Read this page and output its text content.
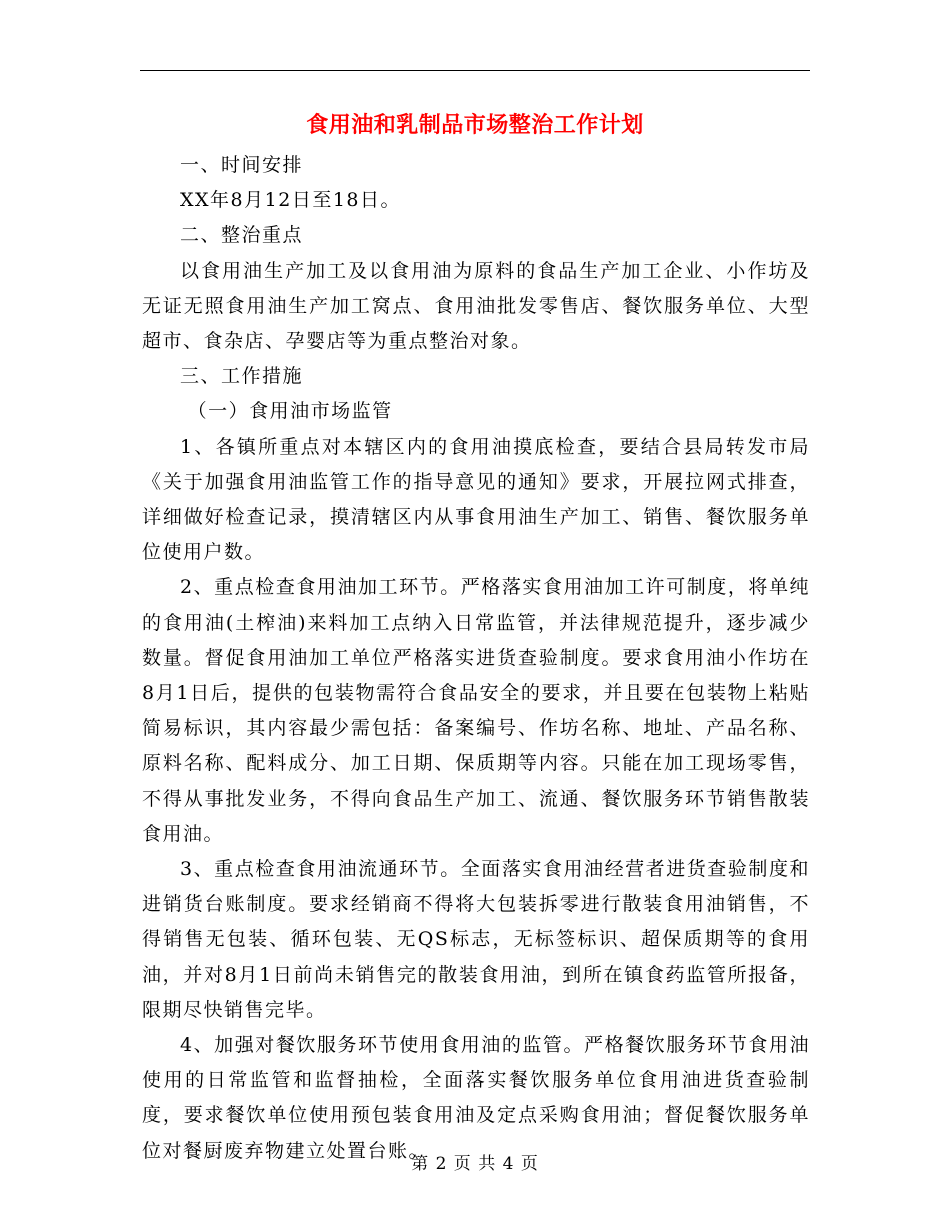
食用油和乳制品市场整治工作计划

一、时间安排

XX年8月12日至18日。

二、整治重点

以食用油生产加工及以食用油为原料的食品生产加工企业、小作坊及无证无照食用油生产加工窝点、食用油批发零售店、餐饮服务单位、大型超市、食杂店、孕婴店等为重点整治对象。

三、工作措施

（一）食用油市场监管

1、各镇所重点对本辖区内的食用油摸底检查，要结合县局转发市局《关于加强食用油监管工作的指导意见的通知》要求，开展拉网式排查，详细做好检查记录，摸清辖区内从事食用油生产加工、销售、餐饮服务单位使用户数。

2、重点检查食用油加工环节。严格落实食用油加工许可制度，将单纯的食用油(土榨油)来料加工点纳入日常监管，并法律规范提升，逐步减少数量。督促食用油加工单位严格落实进货查验制度。要求食用油小作坊在8月1日后，提供的包装物需符合食品安全的要求，并且要在包装物上粘贴简易标识，其内容最少需包括：备案编号、作坊名称、地址、产品名称、原料名称、配料成分、加工日期、保质期等内容。只能在加工现场零售，不得从事批发业务，不得向食品生产加工、流通、餐饮服务环节销售散装食用油。

3、重点检查食用油流通环节。全面落实食用油经营者进货查验制度和进销货台账制度。要求经销商不得将大包装拆零进行散装食用油销售，不得销售无包装、循环包装、无QS标志，无标签标识、超保质期等的食用油，并对8月1日前尚未销售完的散装食用油，到所在镇食药监管所报备，限期尽快销售完毕。

4、加强对餐饮服务环节使用食用油的监管。严格餐饮服务环节食用油使用的日常监管和监督抽检，全面落实餐饮服务单位食用油进货查验制度，要求餐饮单位使用预包装食用油及定点采购食用油；督促餐饮服务单位对餐厨废弃物建立处置台账。

第 2 页 共 4 页
